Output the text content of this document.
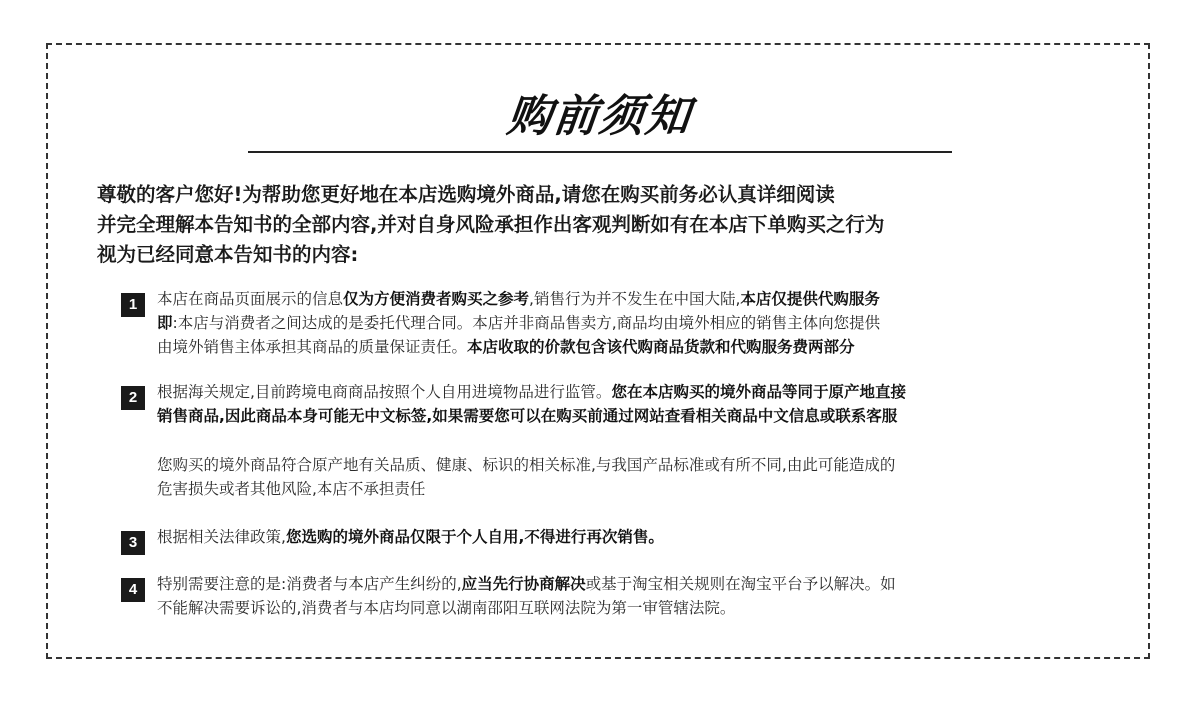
购前须知
尊敬的客户您好!为帮助您更好地在本店选购境外商品,请您在购买前务必认真详细阅读
并完全理解本告知书的全部内容,并对自身风险承担作出客观判断如有在本店下单购买之行为
视为已经同意本告知书的内容:
1	本店在商品页面展示的信息仅为方便消费者购买之参考,销售行为并不发生在中国大陆,本店仅提供代购服务
即:本店与消费者之间达成的是委托代理合同。本店并非商品售卖方,商品均由境外相应的销售主体向您提供
由境外销售主体承担其商品的质量保证责任。本店收取的价款包含该代购商品货款和代购服务费两部分
2	根据海关规定,目前跨境电商商品按照个人自用进境物品进行监管。您在本店购买的境外商品等同于原产地直接
销售商品,因此商品本身可能无中文标签,如果需要您可以在购买前通过网站查看相关商品中文信息或联系客服
您购买的境外商品符合原产地有关品质、健康、标识的相关标准,与我国产品标准或有所不同,由此可能造成的
危害损失或者其他风险,本店不承担责任
3	根据相关法律政策,您选购的境外商品仅限于个人自用,不得进行再次销售。
4	特别需要注意的是:消费者与本店产生纠纷的,应当先行协商解决或基于淘宝相关规则在淘宝平台予以解决。如
不能解决需要诉讼的,消费者与本店均同意以湖南邵阳互联网法院为第一审管辖法院。
